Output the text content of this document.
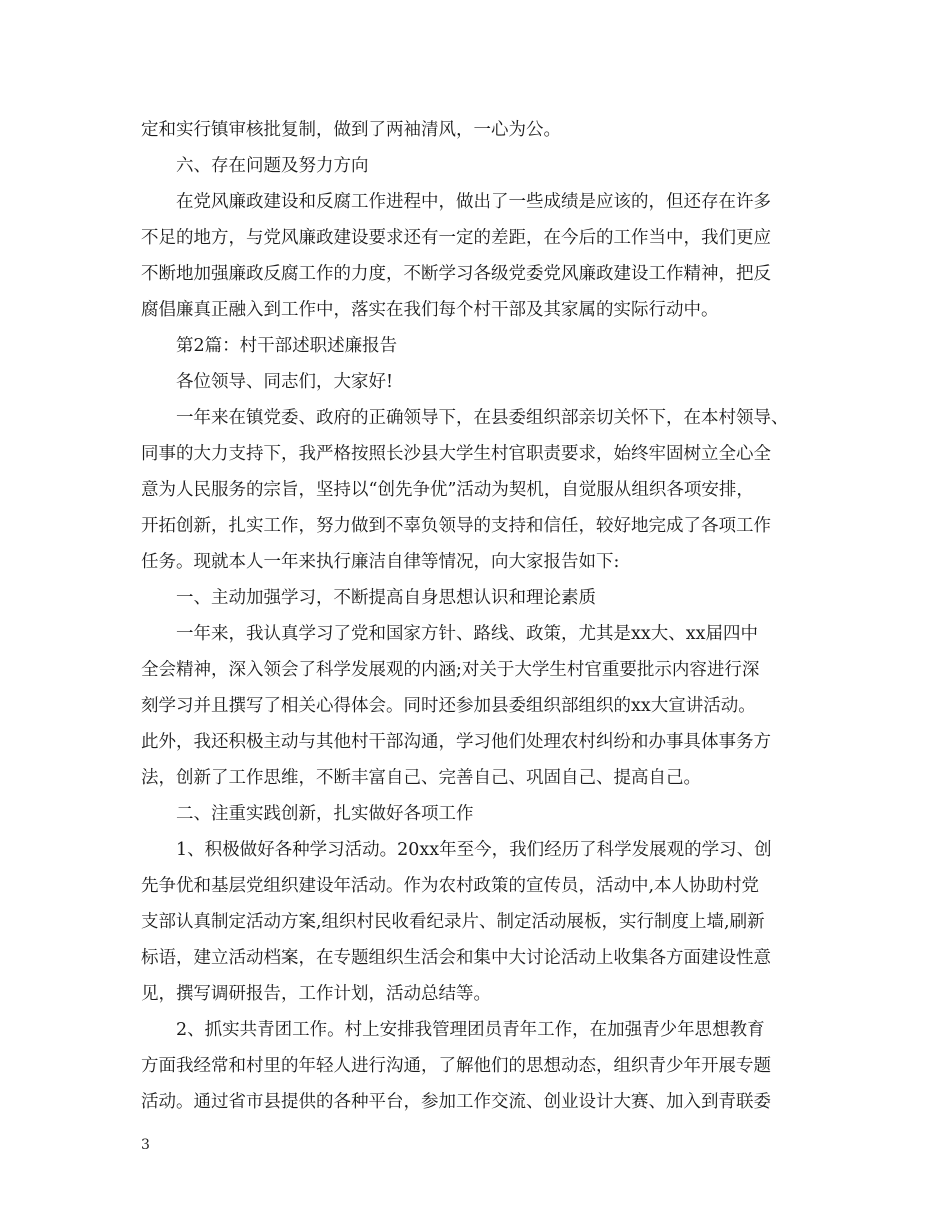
定和实行镇审核批复制，做到了两袖清风，一心为公。
六、存在问题及努力方向
在党风廉政建设和反腐工作进程中，做出了一些成绩是应该的，但还存在许多
不足的地方，与党风廉政建设要求还有一定的差距，在今后的工作当中，我们更应
不断地加强廉政反腐工作的力度，不断学习各级党委党风廉政建设工作精神，把反
腐倡廉真正融入到工作中，落实在我们每个村干部及其家属的实际行动中。
第2篇：村干部述职述廉报告
各位领导、同志们，大家好!
一年来在镇党委、政府的正确领导下，在县委组织部亲切关怀下，在本村领导、
同事的大力支持下，我严格按照长沙县大学生村官职责要求，始终牢固树立全心全
意为人民服务的宗旨，坚持以“创先争优”活动为契机，自觉服从组织各项安排，
开拓创新，扎实工作，努力做到不辜负领导的支持和信任，较好地完成了各项工作
任务。现就本人一年来执行廉洁自律等情况，向大家报告如下:
一、主动加强学习，不断提高自身思想认识和理论素质
一年来，我认真学习了党和国家方针、路线、政策，尤其是xx大、xx届四中
全会精神，深入领会了科学发展观的内涵;对关于大学生村官重要批示内容进行深
刻学习并且撰写了相关心得体会。同时还参加县委组织部组织的xx大宣讲活动。
此外，我还积极主动与其他村干部沟通，学习他们处理农村纠纷和办事具体事务方
法，创新了工作思维，不断丰富自己、完善自己、巩固自己、提高自己。
二、注重实践创新，扎实做好各项工作
1、积极做好各种学习活动。20xx年至今，我们经历了科学发展观的学习、创
先争优和基层党组织建设年活动。作为农村政策的宣传员，活动中,本人协助村党
支部认真制定活动方案,组织村民收看纪录片、制定活动展板，实行制度上墙,刷新
标语，建立活动档案，在专题组织生活会和集中大讨论活动上收集各方面建设性意
见，撰写调研报告，工作计划，活动总结等。
2、抓实共青团工作。村上安排我管理团员青年工作，在加强青少年思想教育
方面我经常和村里的年轻人进行沟通，了解他们的思想动态，组织青少年开展专题
活动。通过省市县提供的各种平台，参加工作交流、创业设计大赛、加入到青联委
3
